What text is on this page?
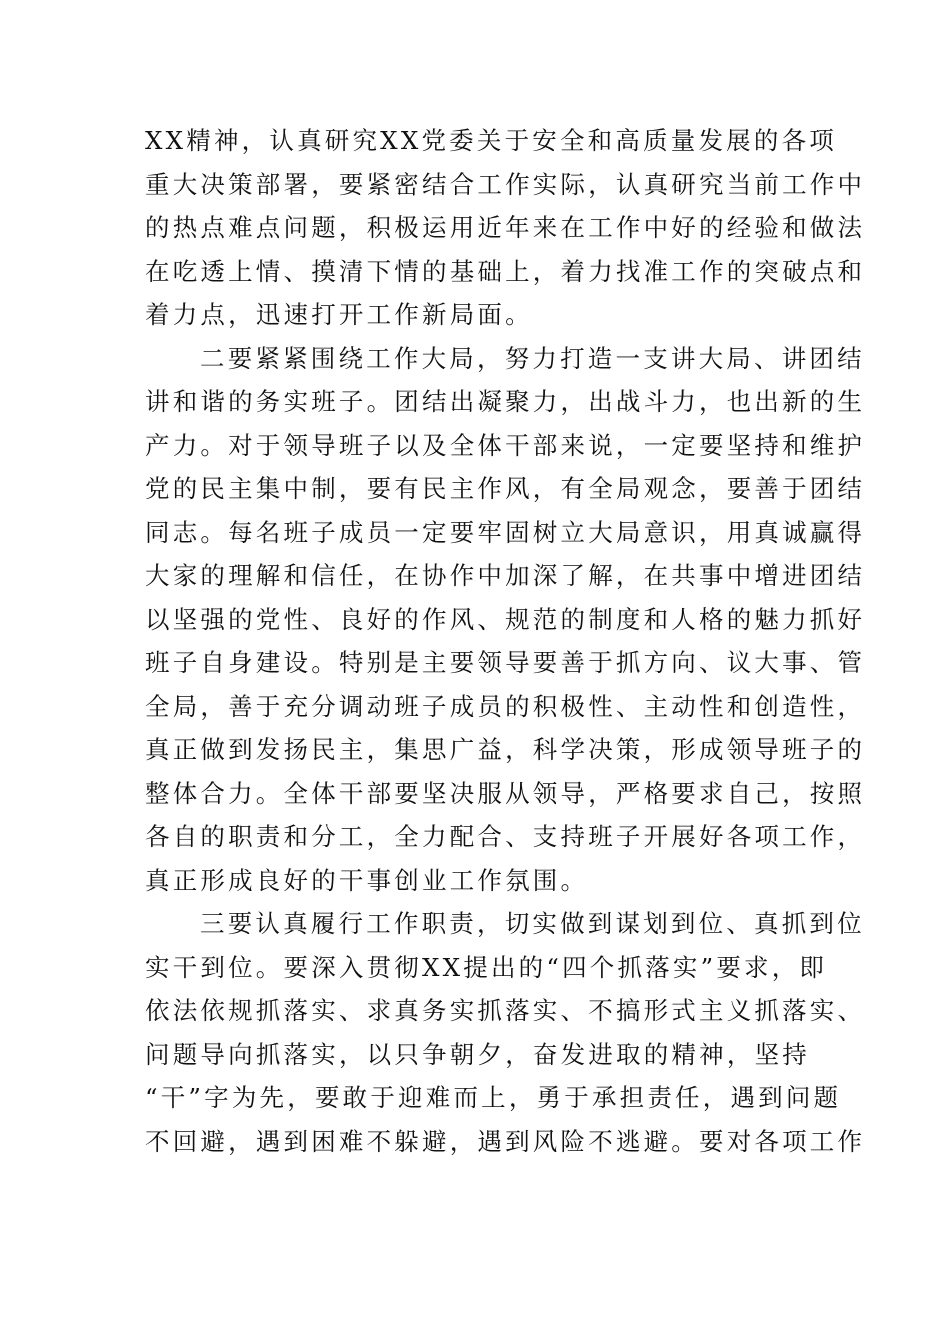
XX精神，认真研究XX党委关于安全和高质量发展的各项
重大决策部署，要紧密结合工作实际，认真研究当前工作中
的热点难点问题，积极运用近年来在工作中好的经验和做法
在吃透上情、摸清下情的基础上，着力找准工作的突破点和
着力点，迅速打开工作新局面。
二要紧紧围绕工作大局，努力打造一支讲大局、讲团结
讲和谐的务实班子。团结出凝聚力，出战斗力，也出新的生
产力。对于领导班子以及全体干部来说，一定要坚持和维护
党的民主集中制，要有民主作风，有全局观念，要善于团结
同志。每名班子成员一定要牢固树立大局意识，用真诚赢得
大家的理解和信任，在协作中加深了解，在共事中增进团结
以坚强的党性、良好的作风、规范的制度和人格的魅力抓好
班子自身建设。特别是主要领导要善于抓方向、议大事、管
全局，善于充分调动班子成员的积极性、主动性和创造性，
真正做到发扬民主，集思广益，科学决策，形成领导班子的
整体合力。全体干部要坚决服从领导，严格要求自己，按照
各自的职责和分工，全力配合、支持班子开展好各项工作，
真正形成良好的干事创业工作氛围。
三要认真履行工作职责，切实做到谋划到位、真抓到位
实干到位。要深入贯彻XX提出的“四个抓落实”要求，即
依法依规抓落实、求真务实抓落实、不搞形式主义抓落实、
问题导向抓落实，以只争朝夕，奋发进取的精神，坚持
“干”字为先，要敢于迎难而上，勇于承担责任，遇到问题
不回避，遇到困难不躲避，遇到风险不逃避。要对各项工作
